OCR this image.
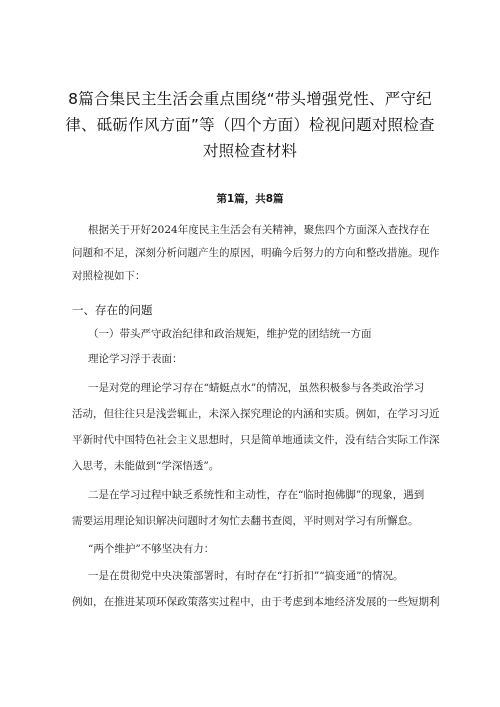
8篇合集民主生活会重点围绕“带头增强党性、严守纪
律、砥砺作风方面”等（四个方面）检视问题对照检查
对照检查材料
第1篇，共8篇
根据关于开好2024年度民主生活会有关精神，聚焦四个方面深入查找存在
问题和不足，深刻分析问题产生的原因，明确今后努力的方向和整改措施。现作
对照检视如下：
一、存在的问题
（一）带头严守政治纪律和政治规矩，维护党的团结统一方面
理论学习浮于表面：
一是对党的理论学习存在“蜻蜓点水”的情况，虽然积极参与各类政治学习
活动，但往往只是浅尝辄止，未深入探究理论的内涵和实质。例如，在学习习近
平新时代中国特色社会主义思想时，只是简单地通读文件，没有结合实际工作深
入思考，未能做到“学深悟透”。
二是在学习过程中缺乏系统性和主动性，存在“临时抱佛脚”的现象，遇到
需要运用理论知识解决问题时才匆忙去翻书查阅，平时则对学习有所懈怠。
“两个维护”不够坚决有力：
一是在贯彻党中央决策部署时，有时存在“打折扣”“搞变通”的情况。
例如，在推进某项环保政策落实过程中，由于考虑到本地经济发展的一些短期利
